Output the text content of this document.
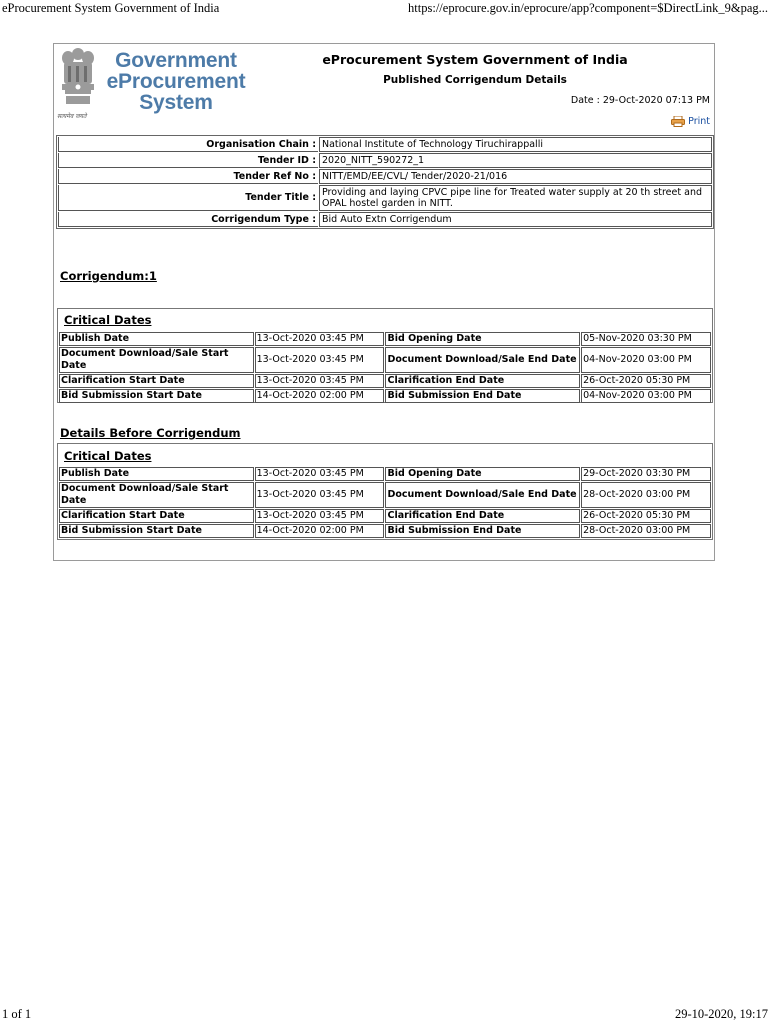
eProcurement System Government of India	https://eprocure.gov.in/eprocure/app?component=$DirectLink_9&pag...
सत्यमेव जयते
Government
eProcurement
System
eProcurement System Government of India
Published Corrigendum Details
Date : 29-Oct-2020 07:13 PM
Print
Organisation Chain :	National Institute of Technology Tiruchirappalli
Tender ID :	2020_NITT_590272_1
Tender Ref No :	NITT/EMD/EE/CVL/ Tender/2020-21/016
Tender Title :	Providing and laying CPVC pipe line for Treated water supply at 20 th street and OPAL hostel garden in NITT.
Corrigendum Type :	Bid Auto Extn Corrigendum
Corrigendum:1
Critical Dates
Publish Date	13-Oct-2020 03:45 PM	Bid Opening Date	05-Nov-2020 03:30 PM
Document Download/Sale Start Date	13-Oct-2020 03:45 PM	Document Download/Sale End Date	04-Nov-2020 03:00 PM
Clarification Start Date	13-Oct-2020 03:45 PM	Clarification End Date	26-Oct-2020 05:30 PM
Bid Submission Start Date	14-Oct-2020 02:00 PM	Bid Submission End Date	04-Nov-2020 03:00 PM
Details Before Corrigendum
Critical Dates
Publish Date	13-Oct-2020 03:45 PM	Bid Opening Date	29-Oct-2020 03:30 PM
Document Download/Sale Start Date	13-Oct-2020 03:45 PM	Document Download/Sale End Date	28-Oct-2020 03:00 PM
Clarification Start Date	13-Oct-2020 03:45 PM	Clarification End Date	26-Oct-2020 05:30 PM
Bid Submission Start Date	14-Oct-2020 02:00 PM	Bid Submission End Date	28-Oct-2020 03:00 PM
1 of 1	29-10-2020, 19:17
